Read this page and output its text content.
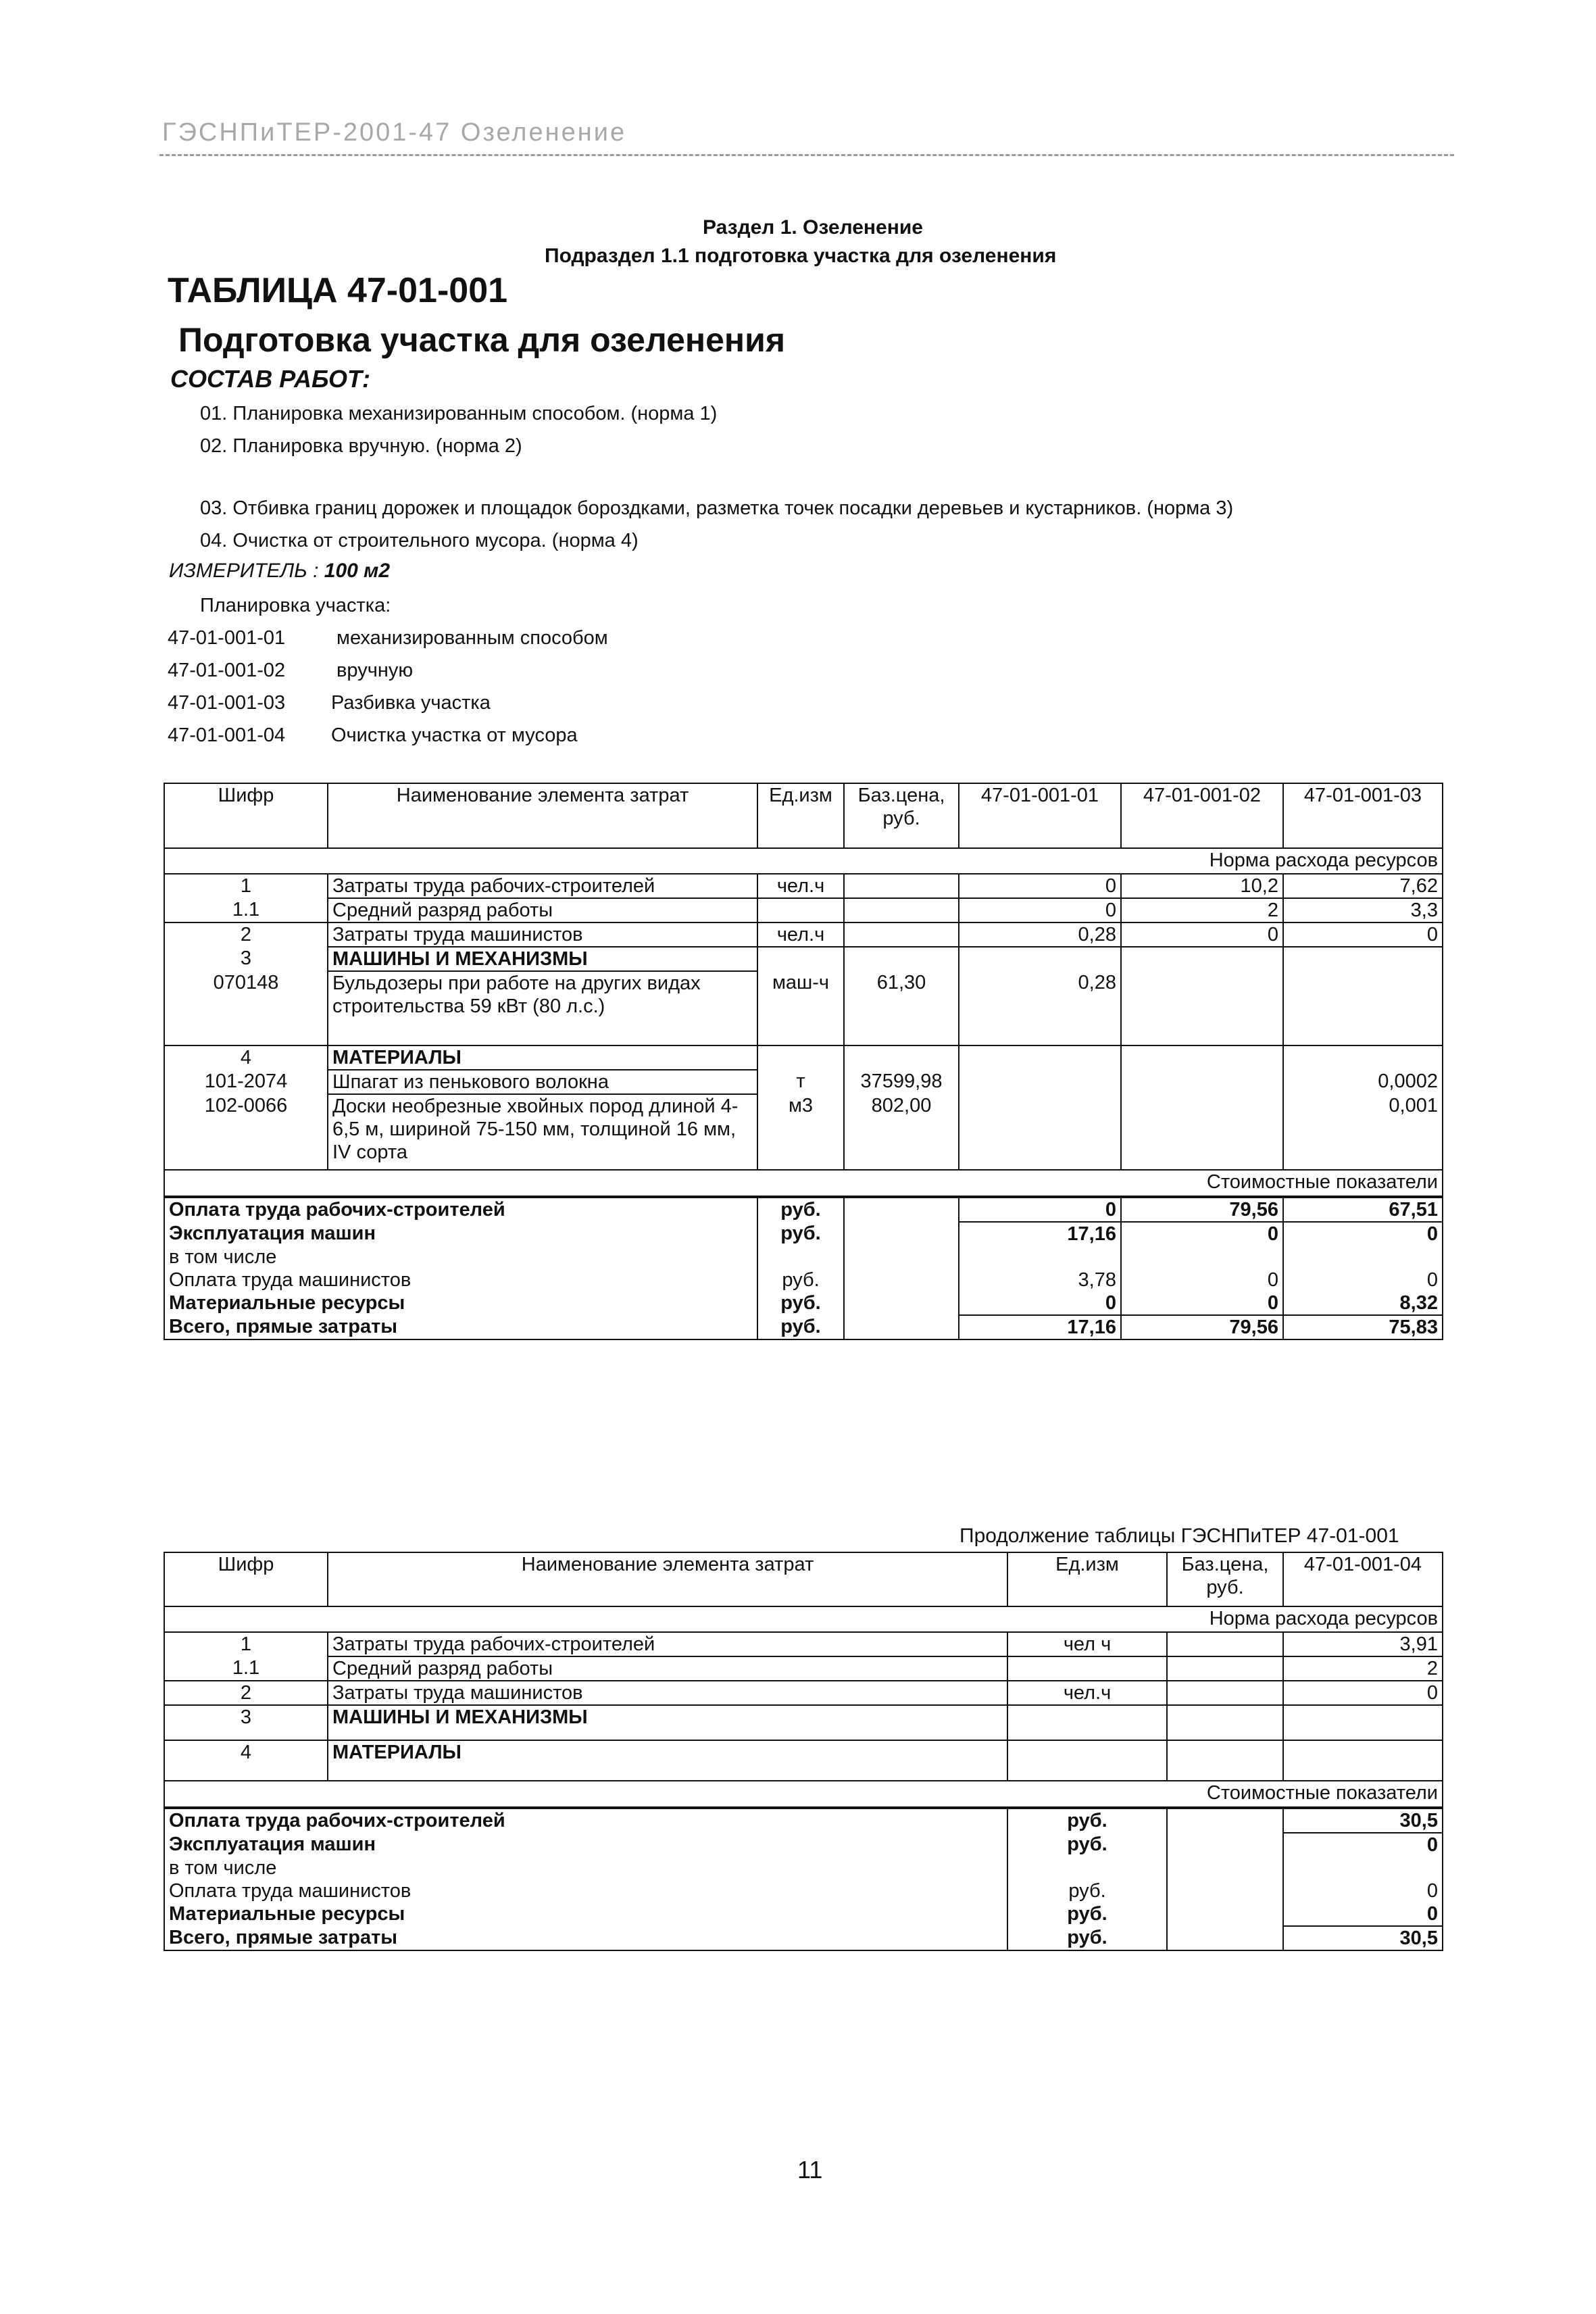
ГЭСНПиТЕР-2001-47 Озеленение
Раздел 1. Озеленение
Подраздел 1.1 подготовка участка для озеленения
ТАБЛИЦА 47-01-001
Подготовка участка для озеленения
СОСТАВ РАБОТ:
01. Планировка механизированным способом. (норма 1)
02. Планировка вручную. (норма 2)
03. Отбивка границ дорожек и площадок бороздками, разметка точек посадки деревьев и кустарников. (норма 3)
04. Очистка от строительного мусора. (норма 4)
ИЗМЕРИТЕЛЬ : 100 м2
Планировка участка:
47-01-001-01	механизированным способом
47-01-001-02	вручную
47-01-001-03 Разбивка участка
47-01-001-04 Очистка участка от мусора
Шифр	Наименование элемента затрат	Ед.изм	Баз.цена, руб.	47-01-001-01	47-01-001-02	47-01-001-03
Норма расхода ресурсов						
1	Затраты труда рабочих-строителей	чел.ч		0	10,2	7,62
1.1	Средний разряд работы			0	2	3,3
2	Затраты труда машинистов	чел.ч		0,28	0	0
3	МАШИНЫ И МЕХАНИЗМЫ					
070148	Бульдозеры при работе на других видах строительства 59 кВт (80 л.с.)	маш-ч	61,30	0,28		
4	МАТЕРИАЛЫ					
101-2074	Шпагат из пенькового волокна	т	37599,98			0,0002
102-0066	Доски необрезные хвойных пород длиной 4-6,5 м, шириной 75-150 мм, толщиной 16 мм, IV сорта	м3	802,00			0,001
Стоимостные показатели						
Оплата труда рабочих-строителей		руб.		0	79,56	67,51
Эксплуатация машин		руб.		17,16	0	0
в том числе						
Оплата труда машинистов		руб.		3,78	0	0
Материальные ресурсы		руб.		0	0	8,32
Всего, прямые затраты		руб.		17,16	79,56	75,83
Продолжение таблицы ГЭСНПиТЕР 47-01-001
Шифр	Наименование элемента затрат	Ед.изм	Баз.цена, руб.	47-01-001-04
Норма расхода ресурсов				
1	Затраты труда рабочих-строителей	чел ч		3,91
1.1	Средний разряд работы			2
2	Затраты труда машинистов	чел.ч		0
3	МАШИНЫ И МЕХАНИЗМЫ			
4	МАТЕРИАЛЫ			
Стоимостные показатели				
Оплата труда рабочих-строителей		руб.		30,5
Эксплуатация машин		руб.		0
в том числе				
Оплата труда машинистов		руб.		0
Материальные ресурсы		руб.		0
Всего, прямые затраты		руб.		30,5
11
